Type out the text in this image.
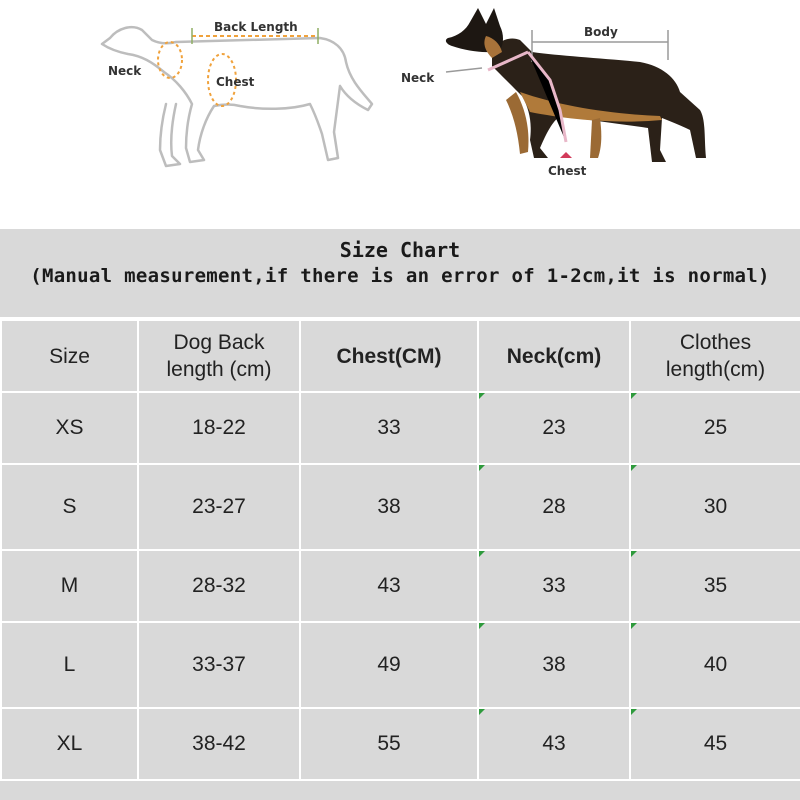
Back Length
Neck
Chest
Body
Neck
Chest
Size Chart
(Manual measurement,if there is an error of 1-2cm,it is normal)
Size	Dog Back length (cm)	Chest(CM)	Neck(cm)	Clothes length(cm)
XS	18-22	33	23	25

S	23-27	38	28	30

M	28-32	43	33	35

L	33-37	49	38	40

XL	38-42	55	43	45
